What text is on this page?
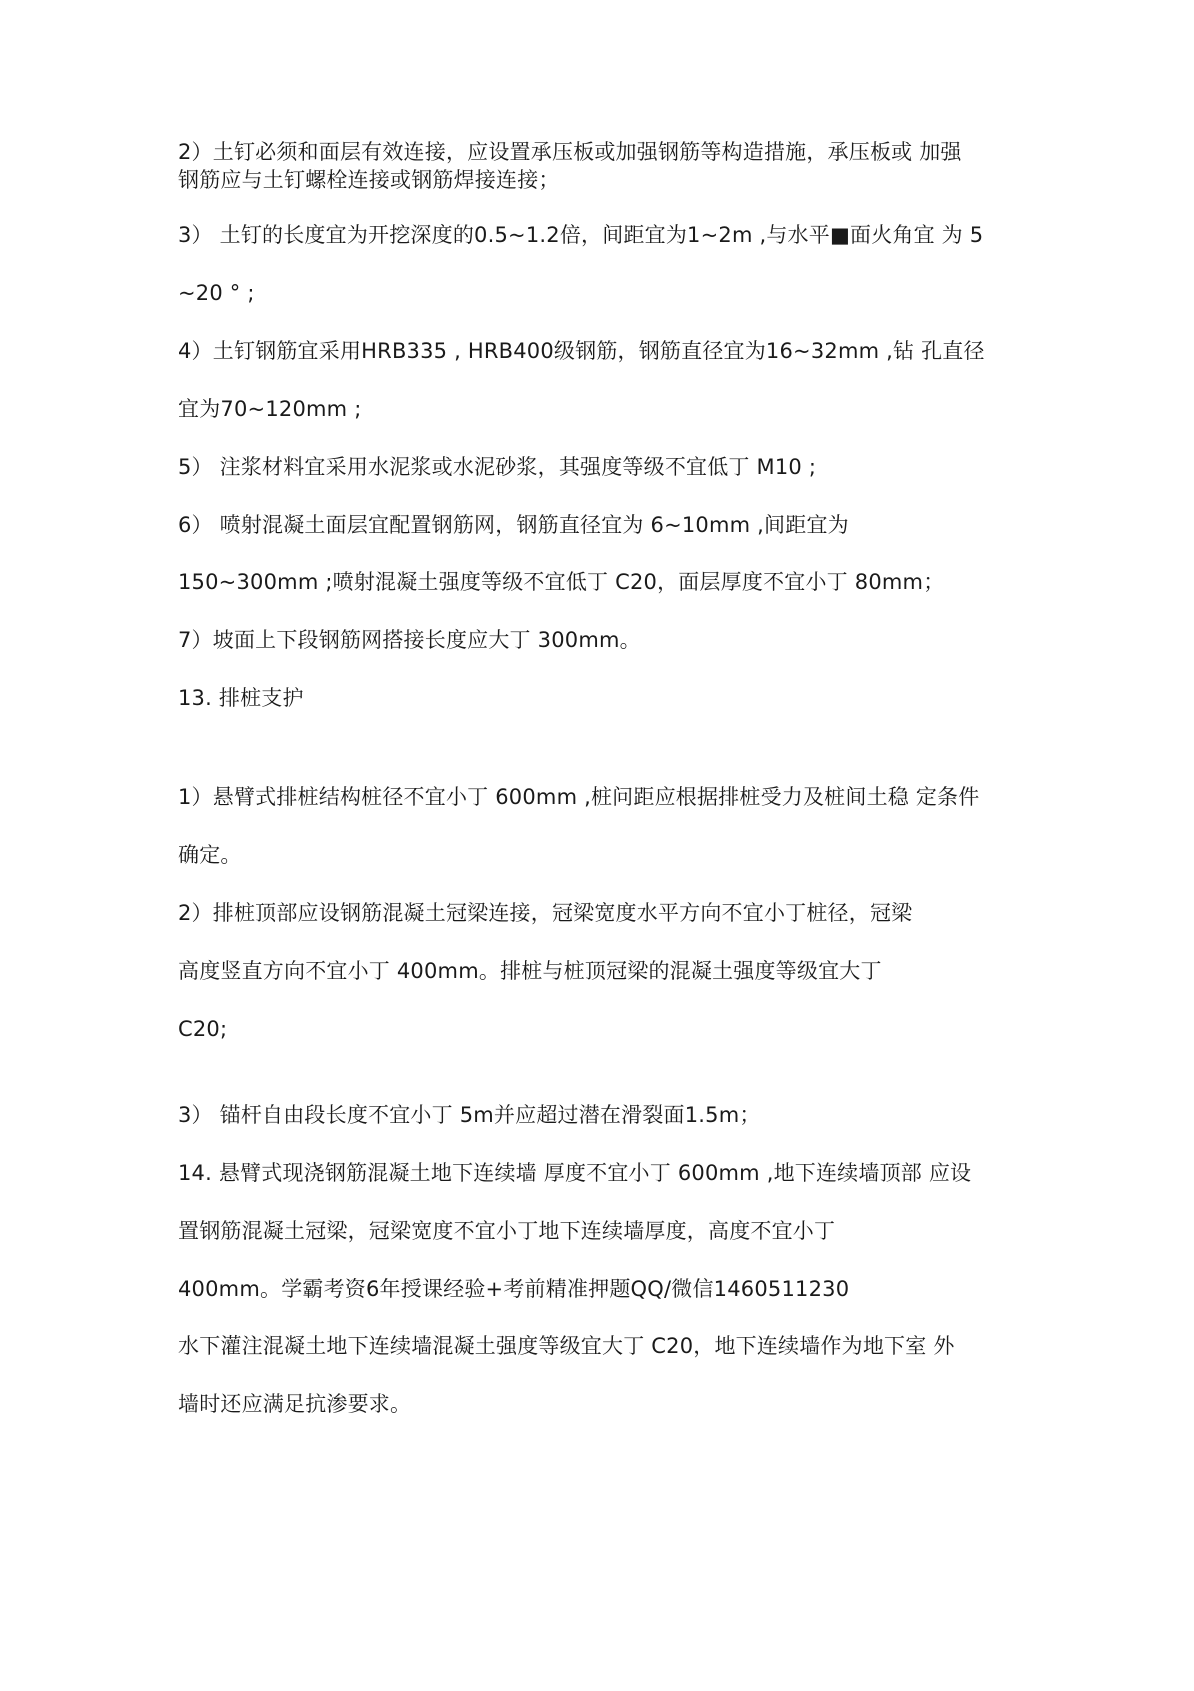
2）土钉必须和面层有效连接，应设置承压板或加强钢筋等构造措施，承压板或 加强
钢筋应与土钉螺栓连接或钢筋焊接连接；
3） 土钉的长度宜为开挖深度的0.5~1.2倍，间距宜为1~2m ,与水平■面火角宜 为 5
~20 ° ;
4）土钉钢筋宜采用HRB335 , HRB400级钢筋，钢筋直径宜为16~32mm ,钻 孔直径
宜为70~120mm ;
5） 注浆材料宜采用水泥浆或水泥砂浆，其强度等级不宜低丁 M10 ;
6） 喷射混凝土面层宜配置钢筋网，钢筋直径宜为 6~10mm ,间距宜为
150~300mm ;喷射混凝土强度等级不宜低丁 C20，面层厚度不宜小丁 80mm；
7）坡面上下段钢筋网搭接长度应大丁 300mm。
13. 排桩支护
1）悬臂式排桩结构桩径不宜小丁 600mm ,桩问距应根据排桩受力及桩间土稳 定条件
确定。
2）排桩顶部应设钢筋混凝土冠梁连接，冠梁宽度水平方向不宜小丁桩径，冠梁
高度竖直方向不宜小丁 400mm。排桩与桩顶冠梁的混凝土强度等级宜大丁
C20;
3） 锚杆自由段长度不宜小丁 5m并应超过潜在滑裂面1.5m；
14. 悬臂式现浇钢筋混凝土地下连续墙 厚度不宜小丁 600mm ,地下连续墙顶部 应设
置钢筋混凝土冠梁，冠梁宽度不宜小丁地下连续墙厚度，高度不宜小丁
400mm。学霸考资6年授课经验+考前精准押题QQ/微信1460511230
水下灌注混凝土地下连续墙混凝土强度等级宜大丁 C20，地下连续墙作为地下室 外
墙时还应满足抗渗要求。
